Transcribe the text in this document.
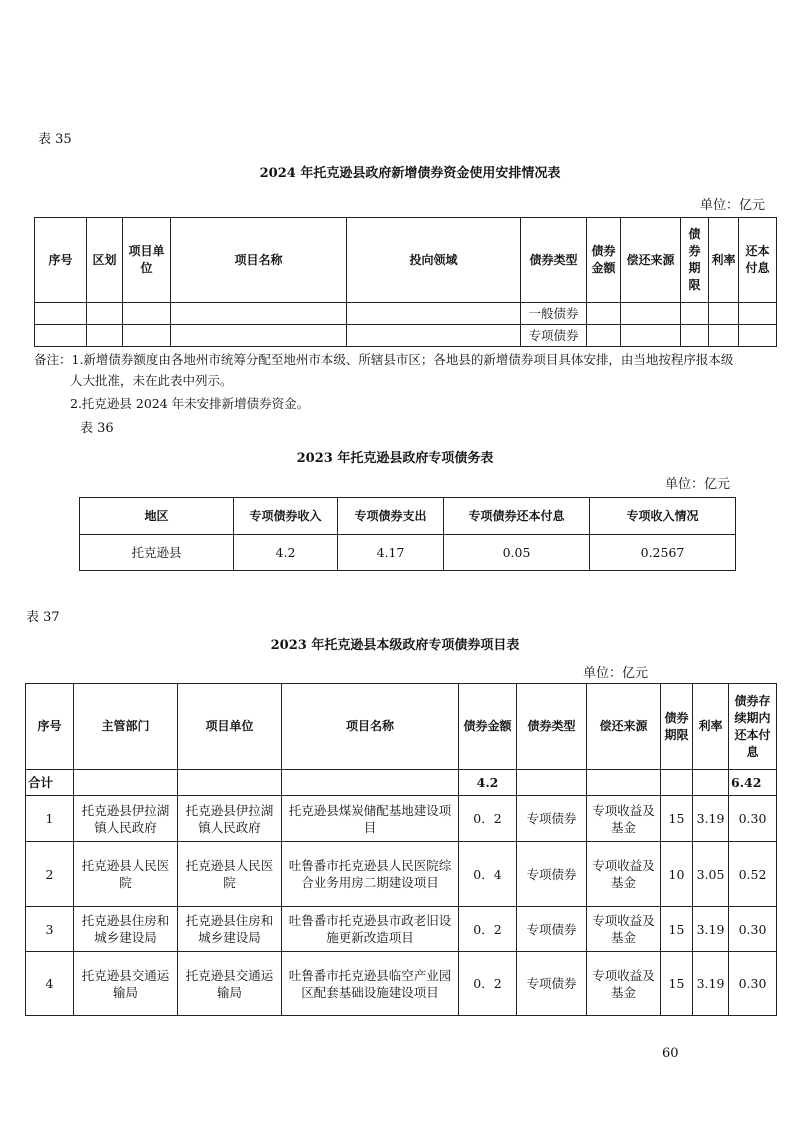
表 35
2024 年托克逊县政府新增债券资金使用安排情况表
单位：亿元
序号	区划	项目单位	项目名称	投向领域	债券类型	债券金额	偿还来源	债券期限	利率	还本付息
					一般债券					
					专项债券					
备注：1.新增债券额度由各地州市统筹分配至地州市本级、所辖县市区；各地县的新增债券项目具体安排，由当地按程序报本级
人大批准，未在此表中列示。
2.托克逊县 2024 年未安排新增债券资金。
表 36
2023 年托克逊县政府专项债务表
单位：亿元
地区	专项债券收入	专项债券支出	专项债券还本付息	专项收入情况
托克逊县	4.2	4.17	0.05	0.2567
表 37
2023 年托克逊县本级政府专项债券项目表
单位：亿元
序号	主管部门	项目单位	项目名称	债券金额	债券类型	偿还来源	债券期限	利率	债券存续期内还本付息
合计				4.2					6.42
1	托克逊县伊拉湖镇人民政府	托克逊县伊拉湖镇人民政府	托克逊县煤炭储配基地建设项目	0．2	专项债券	专项收益及基金	15	3.19	0.30
2	托克逊县人民医院	托克逊县人民医院	吐鲁番市托克逊县人民医院综合业务用房二期建设项目	0．4	专项债券	专项收益及基金	10	3.05	0.52
3	托克逊县住房和城乡建设局	托克逊县住房和城乡建设局	吐鲁番市托克逊县市政老旧设施更新改造项目	0．2	专项债券	专项收益及基金	15	3.19	0.30
4	托克逊县交通运输局	托克逊县交通运输局	吐鲁番市托克逊县临空产业园区配套基础设施建设项目	0．2	专项债券	专项收益及基金	15	3.19	0.30
60
